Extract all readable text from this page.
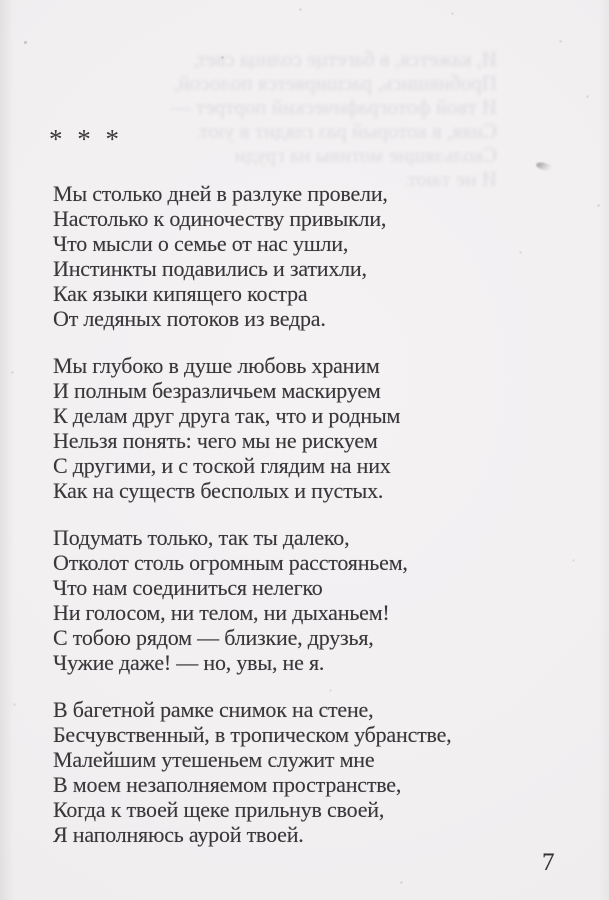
И, кажется, в багетце солнца свет,
Пробившись, расширяется полосой,
И твой фотографический портрет —
Сияя, в который раз глядит в уют.
Скользящие мотивы на груди
И не тают.
* * *

Мы столько дней в разлуке провели,
Настолько к одиночеству привыкли,
Что мысли о семье от нас ушли,
Инстинкты подавились и затихли,
Как языки кипящего костра
От ледяных потоков из ведра.

Мы глубоко в душе любовь храним
И полным безразличьем маскируем
К делам друг друга так, что и родным
Нельзя понять: чего мы не рискуем
С другими, и с тоской глядим на них
Как на существ бесполых и пустых.

Подумать только, так ты далеко,
Отколот столь огромным расстояньем,
Что нам соединиться нелегко
Ни голосом, ни телом, ни дыханьем!
С тобою рядом — близкие, друзья,
Чужие даже! — но, увы, не я.

В багетной рамке снимок на стене,
Бесчувственный, в тропическом убранстве,
Малейшим утешеньем служит мне
В моем незаполняемом пространстве,
Когда к твоей щеке прильнув своей,
Я наполняюсь аурой твоей.

7
